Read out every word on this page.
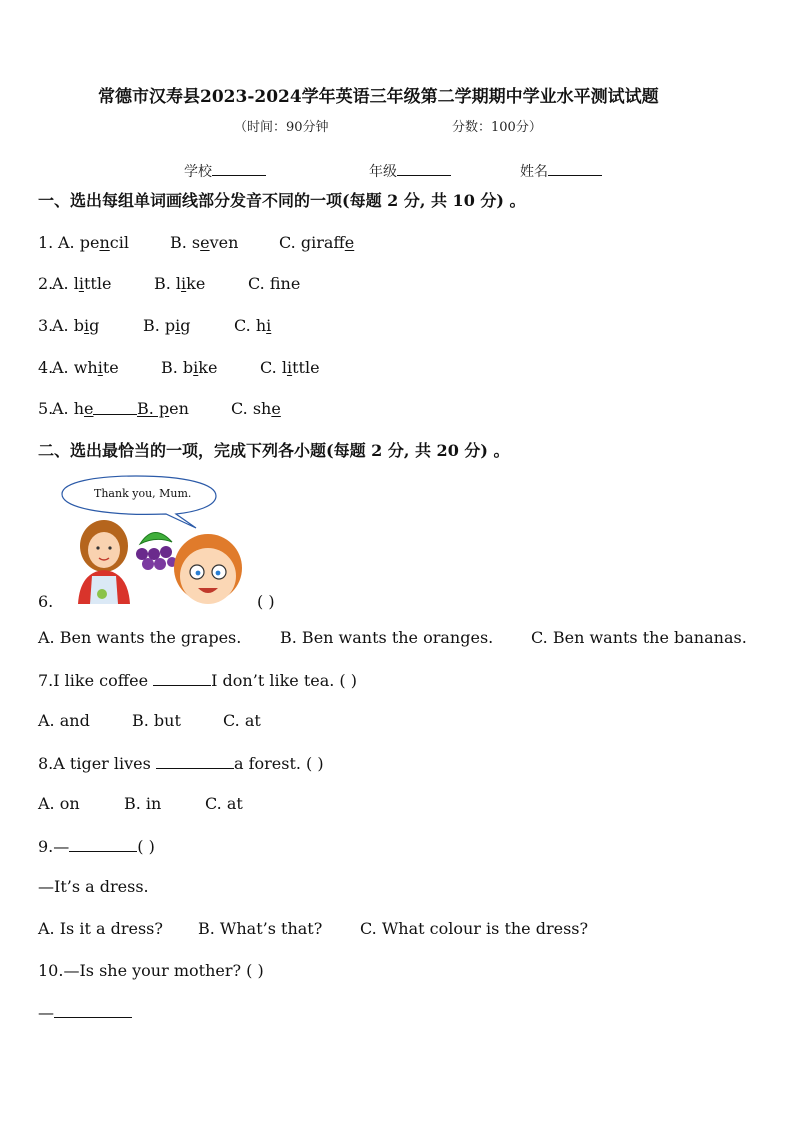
常德市汉寿县2023-2024学年英语三年级第二学期期中学业水平测试试题
（时间：90分钟	分数：100分）
学校	年级	姓名
一、选出每组单词画线部分发音不同的一项(每题 2 分, 共 10 分) 。
1. A. pencil	B. seven	C. giraffe
2.
A. little	B. like	C. fne
3.
A. big	B. pig	C. hi
4.
A. white	B. bike	C. little
5.
A. he	B. pen	C. she
二、选出最恰当的一项，完成下列各小题(每题 2 分, 共 20 分) 。
6.
Thank you, Mum.
( )
A. Ben wants the grapes. B. Ben wants the oranges. C. Ben wants the bananas.
7.I like coffee	I don’t like tea. ( )
A. and	B. but	C. at
8.A tiger lives	a forest. ( )
A. on	B. in	C. at
9.—	( )
—It’s a dress.
A. Is it a dress? B. What’s that? C. What colour is the dress?
10.—Is she your mother? ( )
—
